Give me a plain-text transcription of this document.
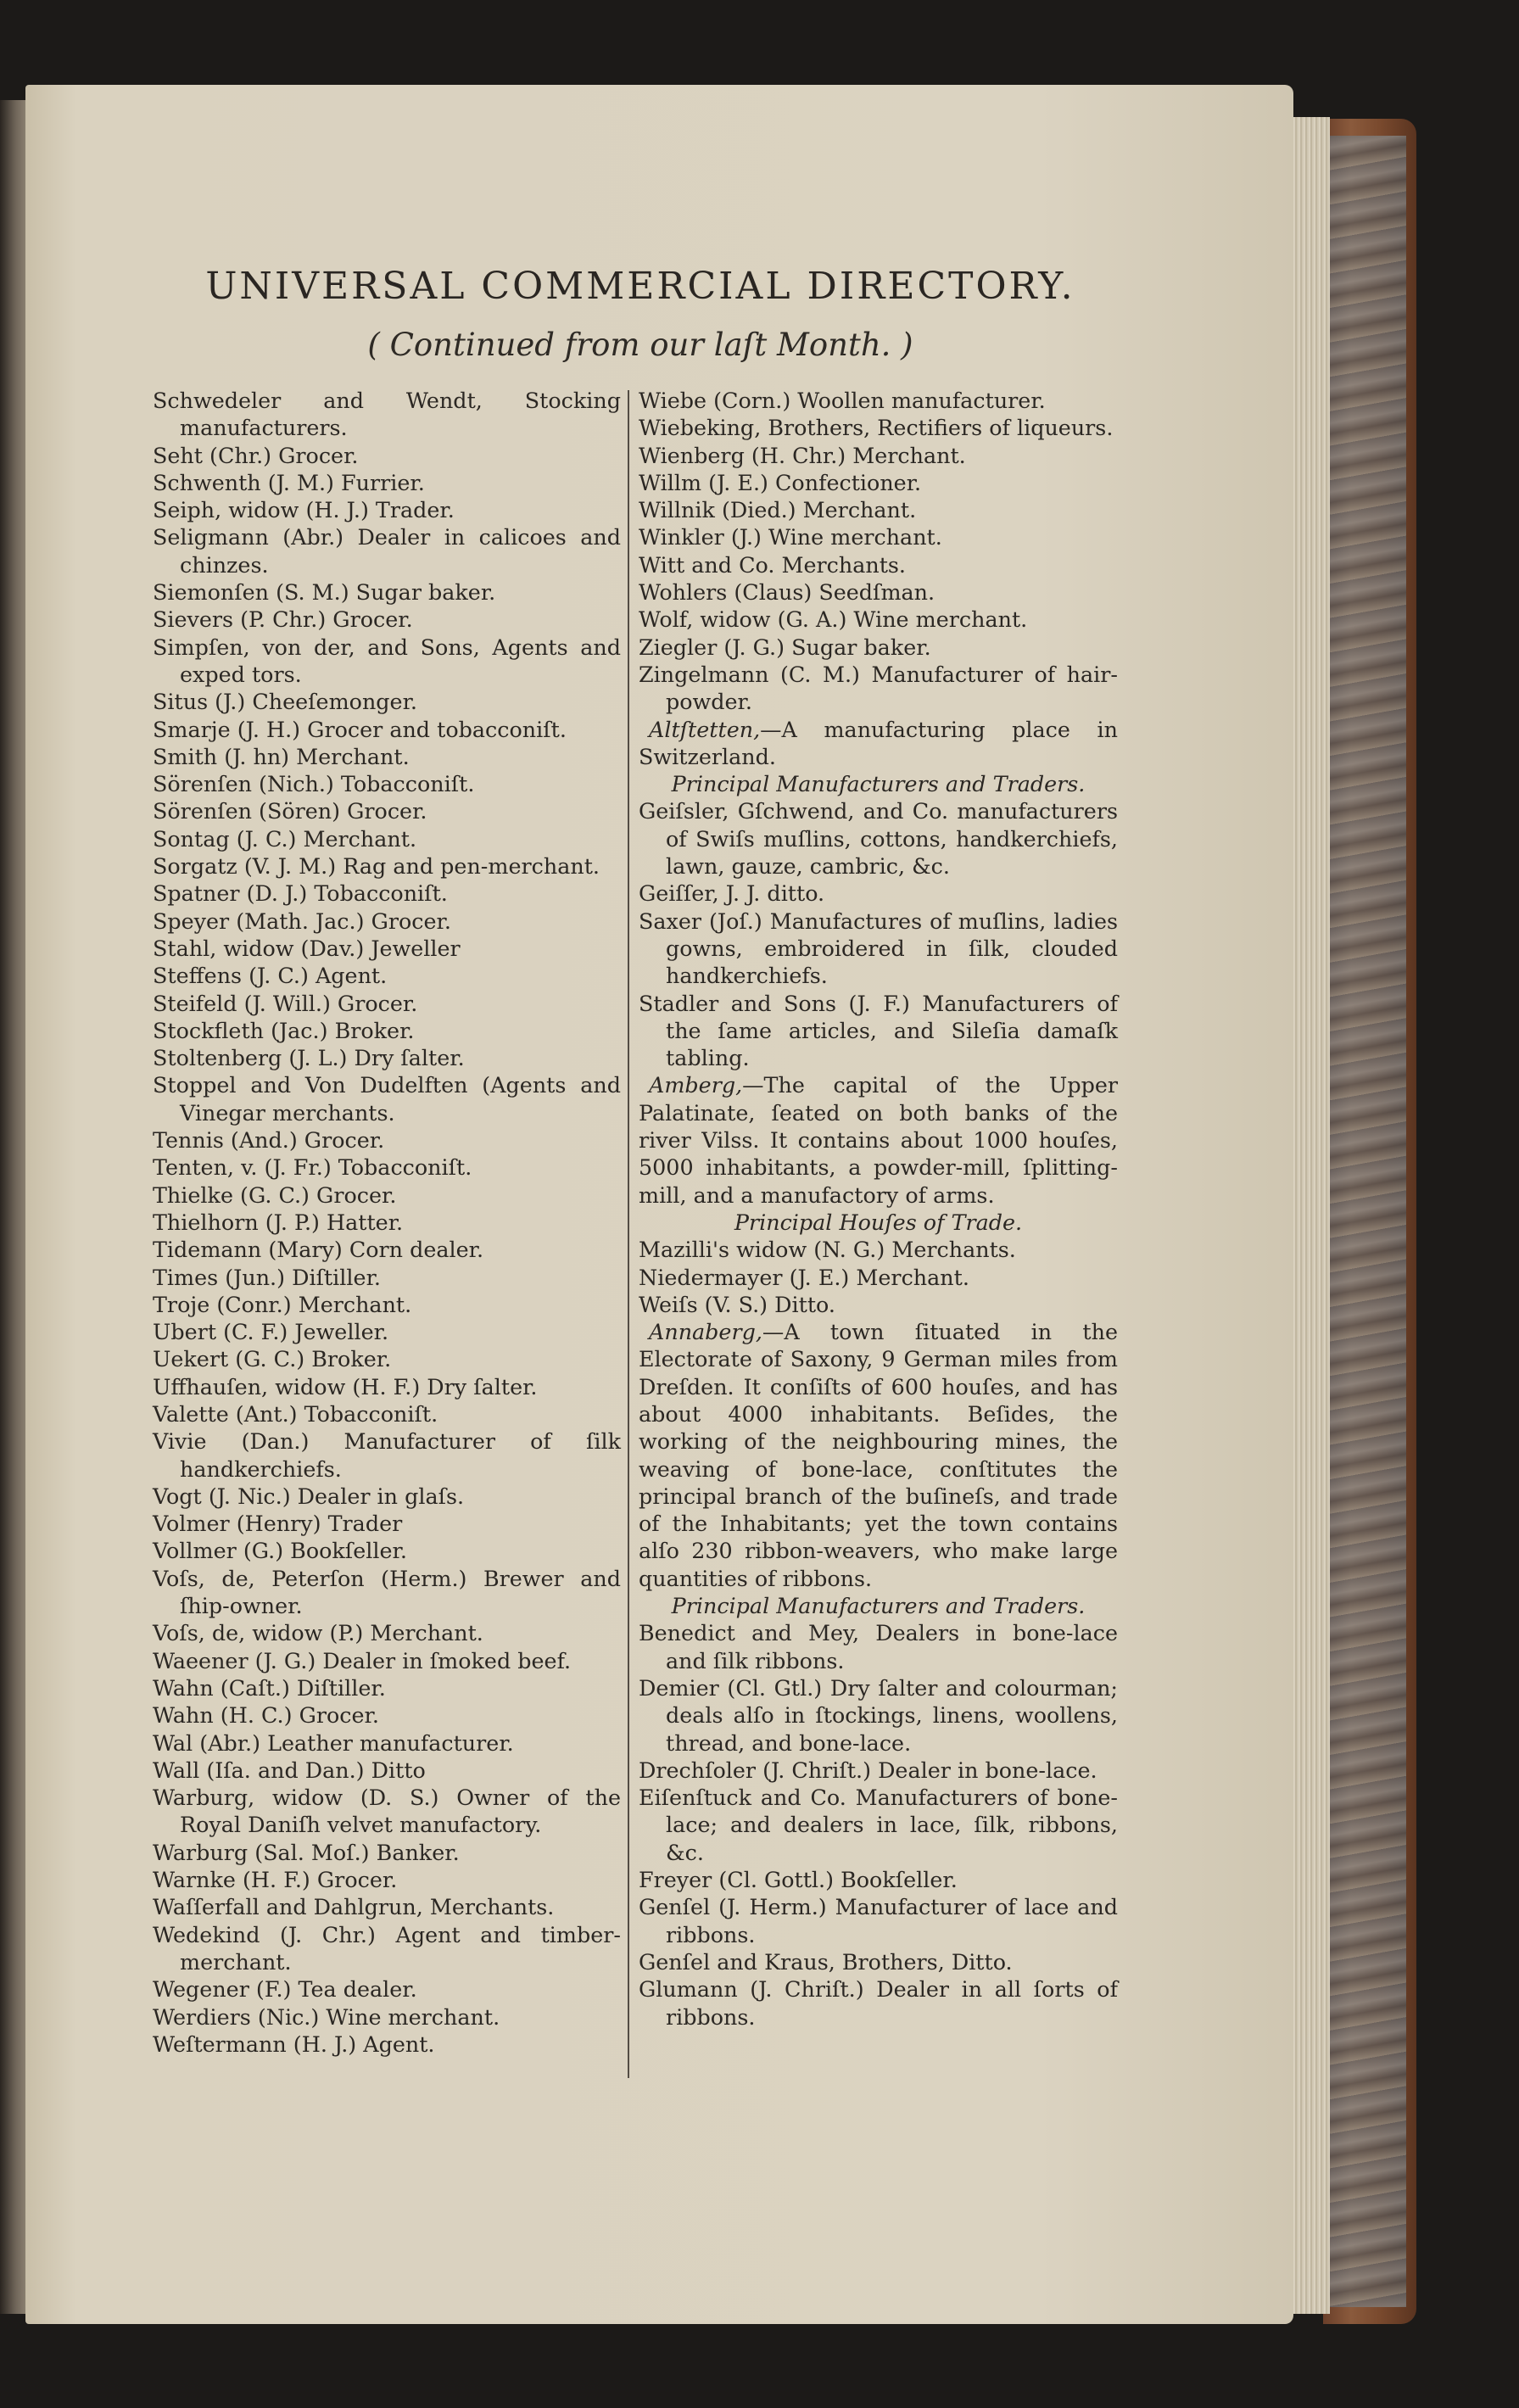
UNIVERSAL COMMERCIAL DIRECTORY.
( Continued from our laſt Month. )
Schwedeler and Wendt, Stocking manufacturers.
Seht (Chr.) Grocer.
Schwenth (J. M.) Furrier.
Seiph, widow (H. J.) Trader.
Seligmann (Abr.) Dealer in calicoes and chinzes.
Siemonſen (S. M.) Sugar baker.
Sievers (P. Chr.) Grocer.
Simpſen, von der, and Sons, Agents and exped tors.
Situs (J.) Cheeſemonger.
Smarje (J. H.) Grocer and tobacconiſt.
Smith (J. hn) Merchant.
Sörenſen (Nich.) Tobacconiſt.
Sörenſen (Sören) Grocer.
Sontag (J. C.) Merchant.
Sorgatz (V. J. M.) Rag and pen-merchant.
Spatner (D. J.) Tobacconiſt.
Speyer (Math. Jac.) Grocer.
Stahl, widow (Dav.) Jeweller
Steffens (J. C.) Agent.
Steifeld (J. Will.) Grocer.
Stockfleth (Jac.) Broker.
Stoltenberg (J. L.) Dry ſalter.
Stoppel and Von Dudelften (Agents and Vinegar merchants.
Tennis (And.) Grocer.
Tenten, v. (J. Fr.) Tobacconiſt.
Thielke (G. C.) Grocer.
Thielhorn (J. P.) Hatter.
Tidemann (Mary) Corn dealer.
Times (Jun.) Diſtiller.
Troje (Conr.) Merchant.
Ubert (C. F.) Jeweller.
Uekert (G. C.) Broker.
Uffhauſen, widow (H. F.) Dry ſalter.
Valette (Ant.) Tobacconiſt.
Vivie (Dan.) Manufacturer of ſilk handkerchiefs.
Vogt (J. Nic.) Dealer in glaſs.
Volmer (Henry) Trader
Vollmer (G.) Bookſeller.
Voſs, de, Peterſon (Herm.) Brewer and ſhip-owner.
Voſs, de, widow (P.) Merchant.
Waeener (J. G.) Dealer in ſmoked beef.
Wahn (Caſt.) Diſtiller.
Wahn (H. C.) Grocer.
Wal (Abr.) Leather manufacturer.
Wall (Iſa. and Dan.) Ditto
Warburg, widow (D. S.) Owner of the Royal Daniſh velvet manufactory.
Warburg (Sal. Moſ.) Banker.
Warnke (H. F.) Grocer.
Waſſerfall and Dahlgrun, Merchants.
Wedekind (J. Chr.) Agent and timber-merchant.
Wegener (F.) Tea dealer.
Werdiers (Nic.) Wine merchant.
Weſtermann (H. J.) Agent.
Wiebe (Corn.) Woollen manufacturer.
Wiebeking, Brothers, Rectifiers of liqueurs.
Wienberg (H. Chr.) Merchant.
Willm (J. E.) Confectioner.
Willnik (Died.) Merchant.
Winkler (J.) Wine merchant.
Witt and Co. Merchants.
Wohlers (Claus) Seedſman.
Wolf, widow (G. A.) Wine merchant.
Ziegler (J. G.) Sugar baker.
Zingelmann (C. M.) Manufacturer of hair-powder.
Altſtetten,—A manufacturing place in Switzerland.
Principal Manufacturers and Traders.
Geiſsler, Gſchwend, and Co. manufacturers of Swiſs muſlins, cottons, handkerchiefs, lawn, gauze, cambric, &c.
Geiſſer, J. J. ditto.
Saxer (Joſ.) Manufactures of muſlins, ladies gowns, embroidered in ſilk, clouded handkerchiefs.
Stadler and Sons (J. F.) Manufacturers of the ſame articles, and Sileſia damaſk tabling.
Amberg,—The capital of the Upper Palatinate, ſeated on both banks of the river Vilss. It contains about 1000 houſes, 5000 inhabitants, a powder-mill, ſplitting-mill, and a manufactory of arms.
Principal Houſes of Trade.
Mazilli's widow (N. G.) Merchants.
Niedermayer (J. E.) Merchant.
Weiſs (V. S.) Ditto.
Annaberg,—A town ſituated in the Electorate of Saxony, 9 German miles from Dreſden. It conſiſts of 600 houſes, and has about 4000 inhabitants. Beſides, the working of the neighbouring mines, the weaving of bone-lace, conſtitutes the principal branch of the buſineſs, and trade of the Inhabitants; yet the town contains alſo 230 ribbon-weavers, who make large quantities of ribbons.
Principal Manufacturers and Traders.
Benedict and Mey, Dealers in bone-lace and ſilk ribbons.
Demier (Cl. Gtl.) Dry ſalter and colourman; deals alſo in ſtockings, linens, woollens, thread, and bone-lace.
Drechſoler (J. Chriſt.) Dealer in bone-lace.
Eiſenſtuck and Co. Manufacturers of bone-lace; and dealers in lace, ſilk, ribbons, &c.
Freyer (Cl. Gottl.) Bookſeller.
Genſel (J. Herm.) Manufacturer of lace and ribbons.
Genſel and Kraus, Brothers, Ditto.
Glumann (J. Chriſt.) Dealer in all ſorts of ribbons.
